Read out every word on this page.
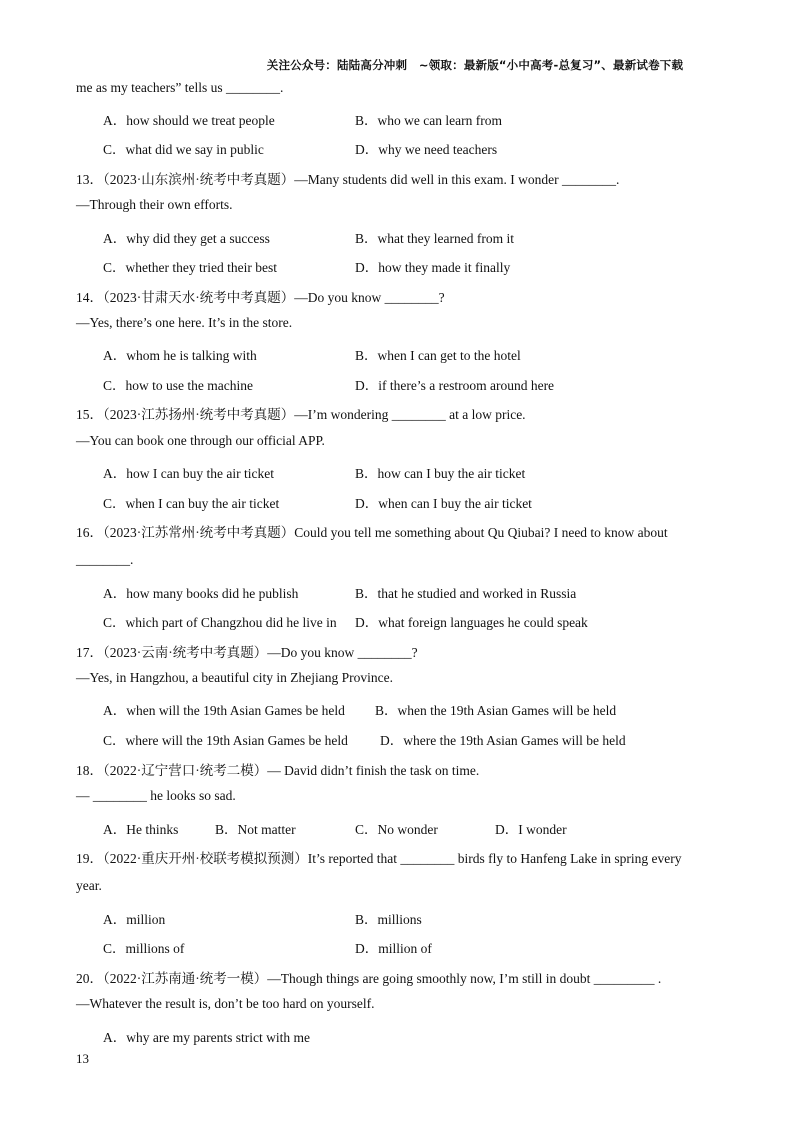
关注公众号：陆陆高分冲刺　~领取：最新版“小中高考-总复习”、最新试卷下载
me as my teachers” tells us ________.
A．how should we treat people	B．who we can learn from
C．what did we say in public	D．why we need teachers
13．（2023·山东滨州·统考中考真题）—Many students did well in this exam. I wonder ________.
—Through their own efforts.
A．why did they get a success	B．what they learned from it
C．whether they tried their best	D．how they made it finally
14．（2023·甘肃天水·统考中考真题）—Do you know ________?
—Yes, there’s one here. It’s in the store.
A．whom he is talking with	B．when I can get to the hotel
C．how to use the machine	D．if there’s a restroom around here
15．（2023·江苏扬州·统考中考真题）—I’m wondering ________ at a low price.
—You can book one through our official APP.
A．how I can buy the air ticket	B．how can I buy the air ticket
C．when I can buy the air ticket	D．when can I buy the air ticket
16．（2023·江苏常州·统考中考真题）Could you tell me something about Qu Qiubai? I need to know about
________.
A．how many books did he publish	B．that he studied and worked in Russia
C．which part of Changzhou did he live in D．what foreign languages he could speak
17．（2023·云南·统考中考真题）—Do you know ________?
—Yes, in Hangzhou, a beautiful city in Zhejiang Province.
A．when will the 19th Asian Games be held B．when the 19th Asian Games will be held
C．where will the 19th Asian Games be held D．where the 19th Asian Games will be held
18．（2022·辽宁营口·统考二模）— David didn’t finish the task on time.
— ________ he looks so sad.
A．He thinks	B．Not matter	C．No wonder	D．I wonder
19．（2022·重庆开州·校联考模拟预测）It’s reported that ________ birds fly to Hanfeng Lake in spring every
year.
A．million	B．millions
C．millions of	D．million of
20．（2022·江苏南通·统考一模）—Though things are going smoothly now, I’m still in doubt _________ .
—Whatever the result is, don’t be too hard on yourself.
A．why are my parents strict with me
13
